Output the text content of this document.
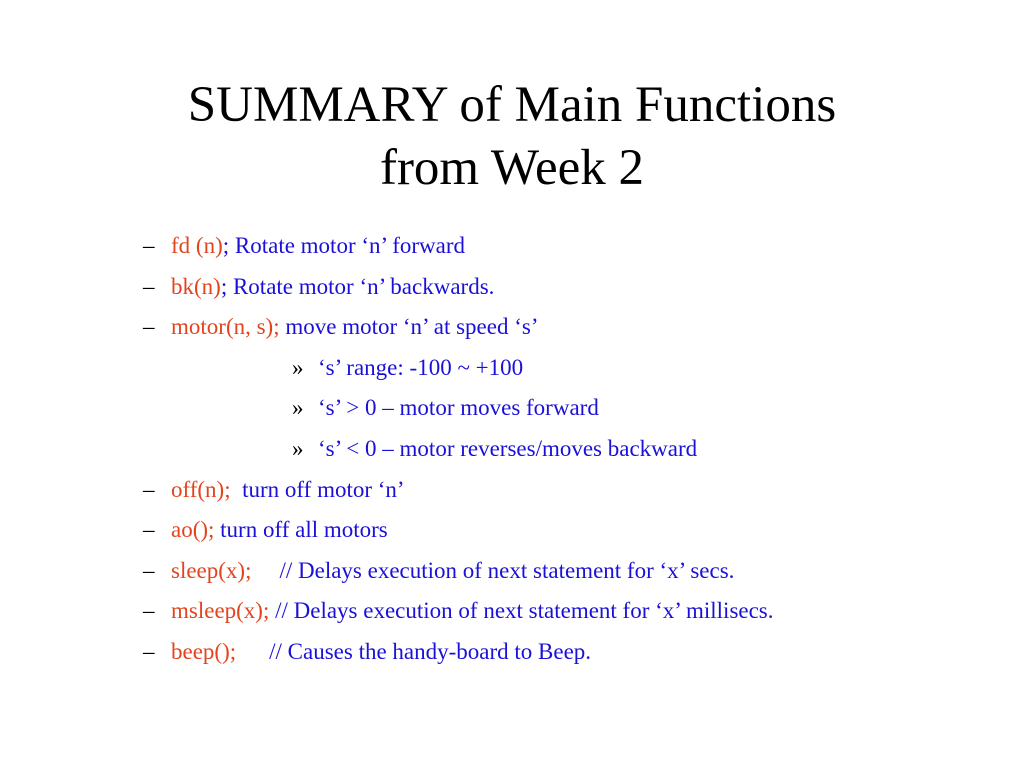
SUMMARY of Main Functions
from Week 2
– fd (n); Rotate motor ‘n’ forward
– bk(n); Rotate motor ‘n’ backwards.
– motor(n, s); move motor ‘n’ at speed ‘s’
» ‘s’ range: -100 ~ +100
» ‘s’ > 0 – motor moves forward
» ‘s’ < 0 – motor reverses/moves backward
– off(n);  turn off motor ‘n’
– ao(); turn off all motors
– sleep(x); // Delays execution of next statement for ‘x’ secs.
– msleep(x); // Delays execution of next statement for ‘x’ millisecs.
– beep(); // Causes the handy-board to Beep.
